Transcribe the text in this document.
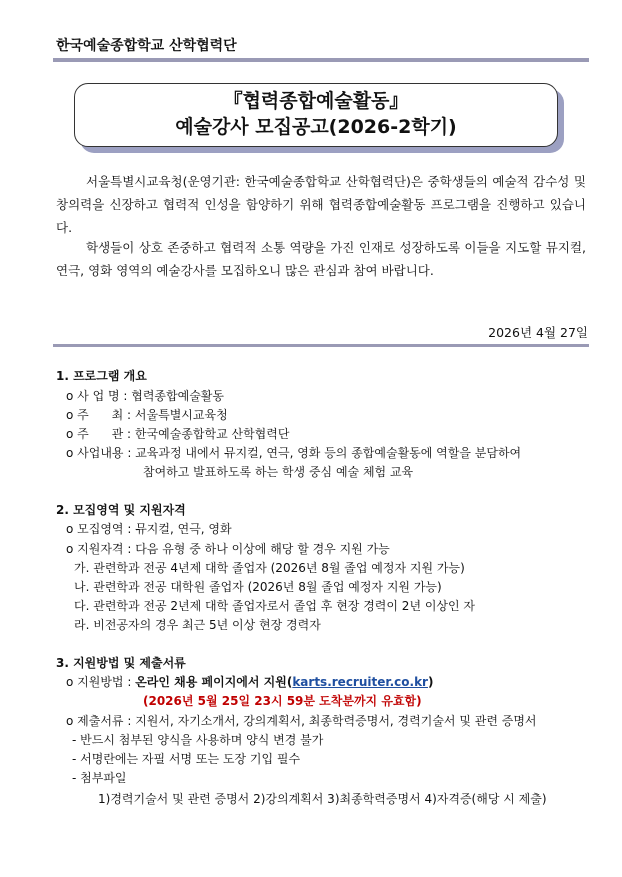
한국예술종합학교 산학협력단
『협력종합예술활동』
예술강사 모집공고(2026-2학기)

서울특별시교육청(운영기관: 한국예술종합학교 산학협력단)은 중학생들의 예술적 감수성 및 창의력을 신장하고 협력적 인성을 함양하기 위해 협력종합예술활동 프로그램을 진행하고 있습니다.

학생들이 상호 존중하고 협력적 소통 역량을 가진 인재로 성장하도록 이들을 지도할 뮤지컬, 연극, 영화 영역의 예술강사를 모집하오니 많은 관심과 참여 바랍니다.

2026년 4월 27일
1. 프로그램 개요
o 사 업 명 : 협력종합예술활동
o 주      최 : 서울특별시교육청
o 주      관 : 한국예술종합학교 산학협력단
o 사업내용 : 교육과정 내에서 뮤지컬, 연극, 영화 등의 종합예술활동에 역할을 분담하여
참여하고 발표하도록 하는 학생 중심 예술 체험 교육
2. 모집영역 및 지원자격
o 모집영역 : 뮤지컬, 연극, 영화
o 지원자격 : 다음 유형 중 하나 이상에 해당 할 경우 지원 가능
가. 관련학과 전공 4년제 대학 졸업자 (2026년 8월 졸업 예정자 지원 가능)
나. 관련학과 전공 대학원 졸업자 (2026년 8월 졸업 예정자 지원 가능)
다. 관련학과 전공 2년제 대학 졸업자로서 졸업 후 현장 경력이 2년 이상인 자
라. 비전공자의 경우 최근 5년 이상 현장 경력자
3. 지원방법 및 제출서류
o 지원방법 : 온라인 채용 페이지에서 지원(karts.recruiter.co.kr)
(2026년 5월 25일 23시 59분 도착분까지 유효함)
o 제출서류 : 지원서, 자기소개서, 강의계획서, 최종학력증명서, 경력기술서 및 관련 증명서
- 반드시 첨부된 양식을 사용하며 양식 변경 불가
- 서명란에는 자필 서명 또는 도장 기입 필수
- 첨부파일
1)경력기술서 및 관련 증명서 2)강의계획서 3)최종학력증명서 4)자격증(해당 시 제출)
